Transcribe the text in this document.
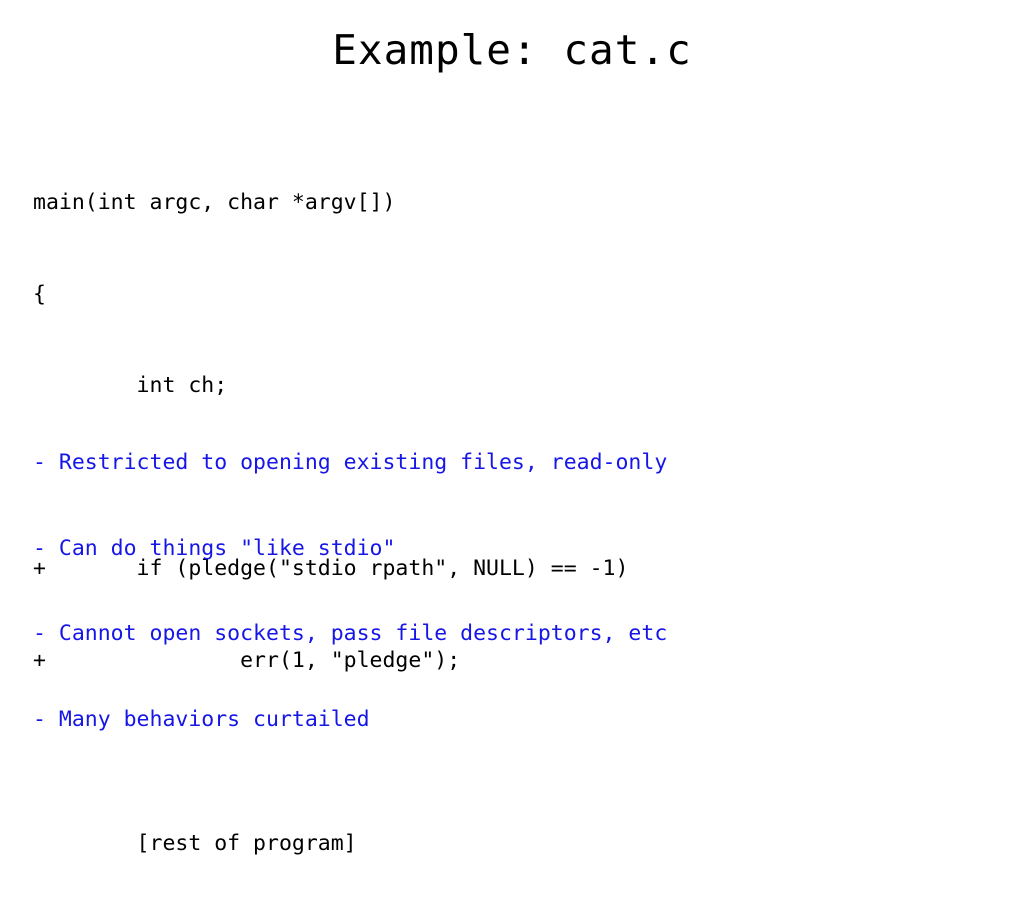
Example: cat.c

main(int argc, char *argv[])

{

int ch;

+       if (pledge("stdio rpath", NULL) == -1)

+               err(1, "pledge");

[rest of program]

- Restricted to opening existing files, read-only

- Can do things "like stdio"

- Cannot open sockets, pass file descriptors, etc

- Many behaviors curtailed
